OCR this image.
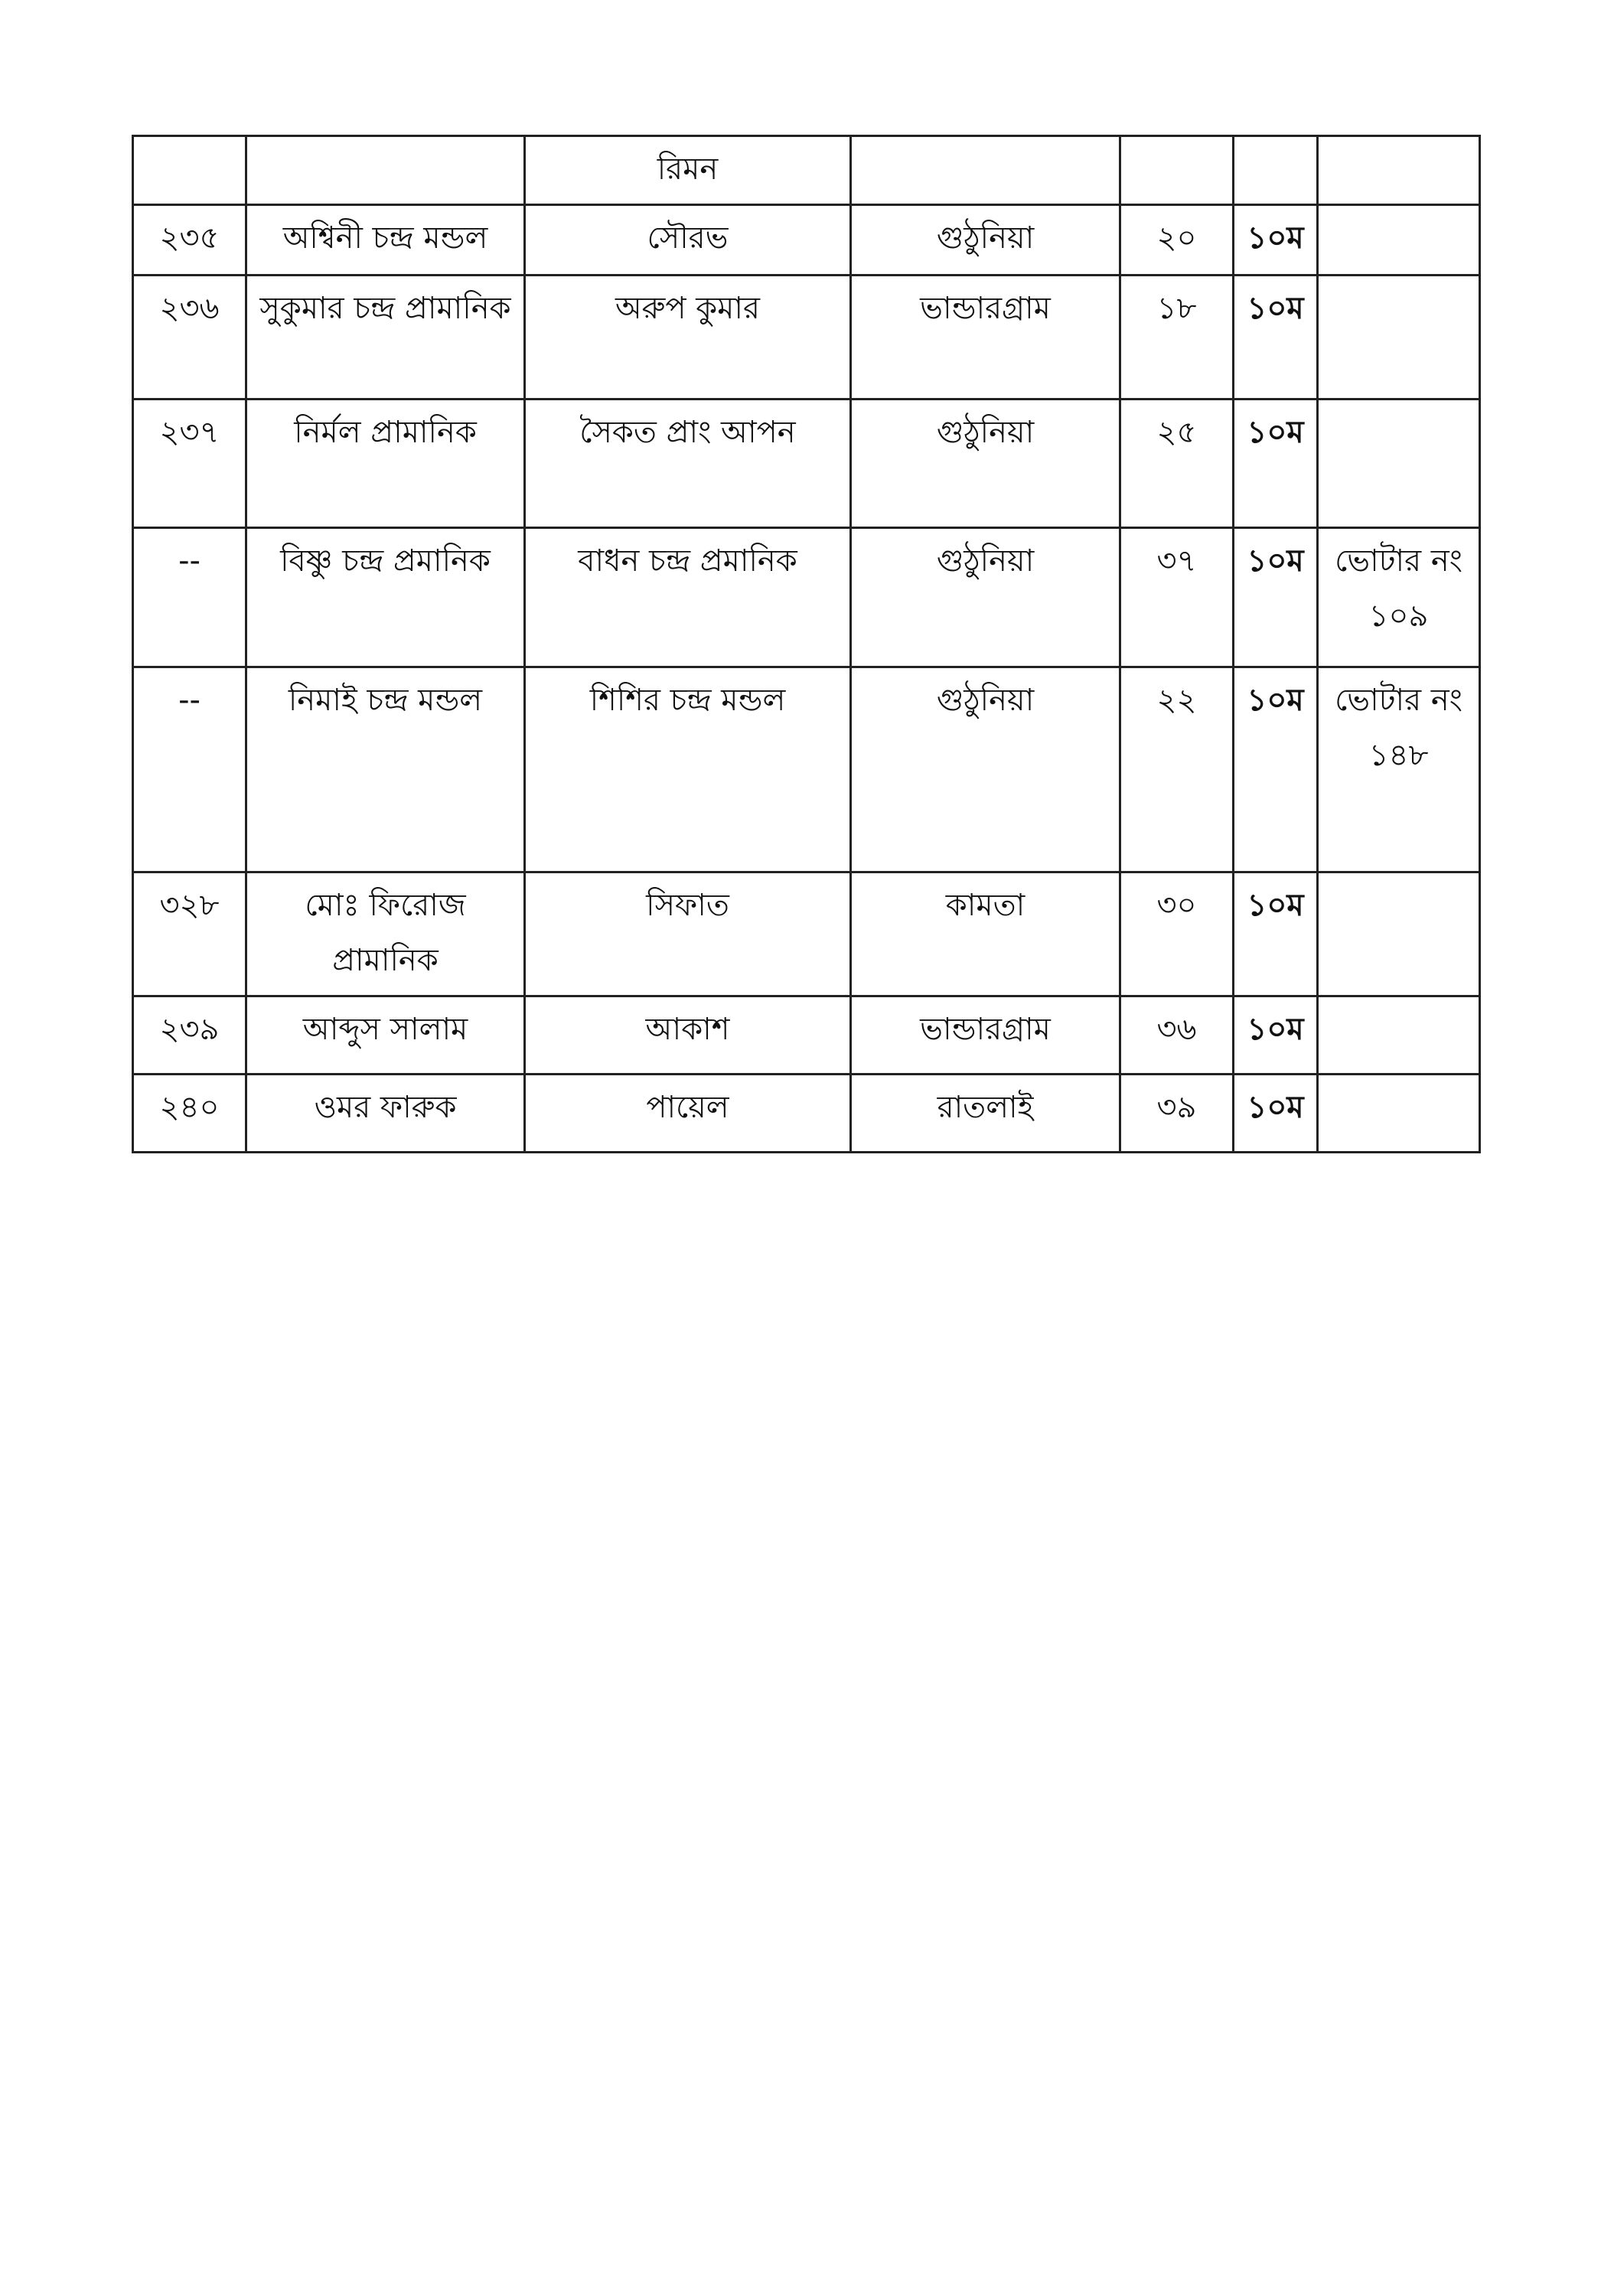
		রিমন				
২৩৫	অশ্বিনী চন্দ্র মন্ডল	সৌরভ	গুঠুনিয়া	২০	১০ম	
২৩৬	সুকুমার চন্দ্র প্রামানিক	অরুপ কুমার	ভান্ডারগ্রাম	১৮	১০ম	
২৩৭	নির্মল প্রামানিক	সৈকত প্রাং আপন	গুঠুনিয়া	২৫	১০ম	
--	বিষ্ণু চন্দ্র প্রমানিক	বাধন চন্দ্র প্রমানিক	গুঠুনিয়া	৩৭	১০ম	ভোটার নং ১০৯
--	নিমাই চন্দ্র মন্ডল	শিশির চন্দ্র মন্ডল	গুঠুনিয়া	২২	১০ম	ভোটার নং ১৪৮
৩২৮	মোঃ ফিরোজ প্রামানিক	সিফাত	কামতা	৩০	১০ম	
২৩৯	আব্দুস সালাম	আকাশ	ভান্ডারগ্রাম	৩৬	১০ম	
২৪০	ওমর ফারুক	পায়েল	রাতলাই	৩৯	১০ম	
